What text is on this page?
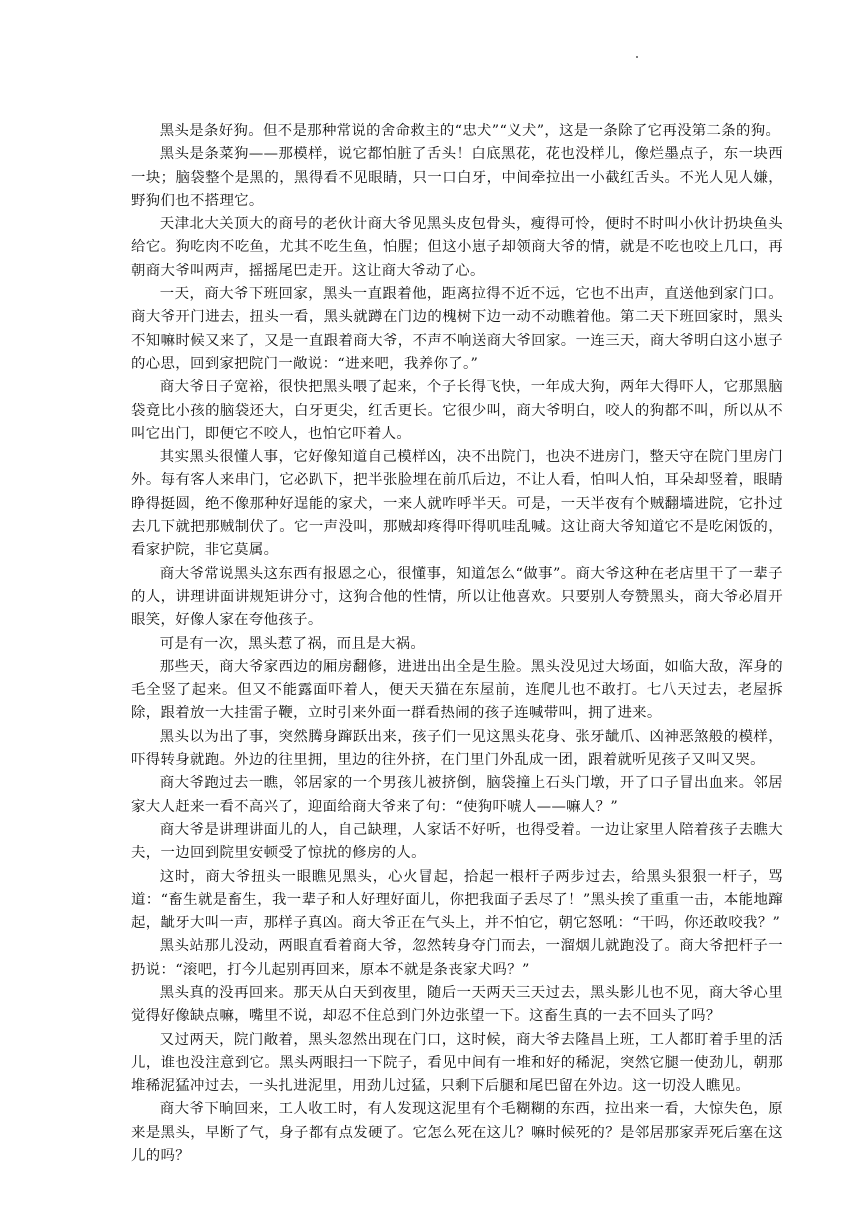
黑头是条好狗。但不是那种常说的舍命救主的“忠犬”“义犬”，这是一条除了它再没第二条的狗。

黑头是条菜狗——那模样，说它都怕脏了舌头！白底黑花，花也没样儿，像烂墨点子，东一块西一块；脑袋整个是黑的，黑得看不见眼睛，只一口白牙，中间牵拉出一小截红舌头。不光人见人嫌，野狗们也不搭理它。

天津北大关顶大的商号的老伙计商大爷见黑头皮包骨头，瘦得可怜，便时不时叫小伙计扔块鱼头给它。狗吃肉不吃鱼，尤其不吃生鱼，怕腥；但这小崽子却领商大爷的情，就是不吃也咬上几口，再朝商大爷叫两声，摇摇尾巴走开。这让商大爷动了心。

一天，商大爷下班回家，黑头一直跟着他，距离拉得不近不远，它也不出声，直送他到家门口。商大爷开门进去，扭头一看，黑头就蹲在门边的槐树下边一动不动瞧着他。第二天下班回家时，黑头不知嘛时候又来了，又是一直跟着商大爷，不声不响送商大爷回家。一连三天，商大爷明白这小崽子的心思，回到家把院门一敞说：“进来吧，我养你了。”

商大爷日子宽裕，很快把黑头喂了起来，个子长得飞快，一年成大狗，两年大得吓人，它那黑脑袋竟比小孩的脑袋还大，白牙更尖，红舌更长。它很少叫，商大爷明白，咬人的狗都不叫，所以从不叫它出门，即便它不咬人，也怕它吓着人。

其实黑头很懂人事，它好像知道自己模样凶，决不出院门，也决不进房门，整天守在院门里房门外。每有客人来串门，它必趴下，把半张脸埋在前爪后边，不让人看，怕叫人怕，耳朵却竖着，眼睛睁得挺圆，绝不像那种好逞能的家犬，一来人就咋呼半天。可是，一天半夜有个贼翻墙进院，它扑过去几下就把那贼制伏了。它一声没叫，那贼却疼得吓得叽哇乱喊。这让商大爷知道它不是吃闲饭的，看家护院，非它莫属。

商大爷常说黑头这东西有报恩之心，很懂事，知道怎么“做事”。商大爷这种在老店里干了一辈子的人，讲理讲面讲规矩讲分寸，这狗合他的性情，所以让他喜欢。只要别人夸赞黑头，商大爷必眉开眼笑，好像人家在夸他孩子。

可是有一次，黑头惹了祸，而且是大祸。

那些天，商大爷家西边的厢房翻修，进进出出全是生脸。黑头没见过大场面，如临大敌，浑身的毛全竖了起来。但又不能露面吓着人，便天天猫在东屋前，连爬儿也不敢打。七八天过去，老屋拆除，跟着放一大挂雷子鞭，立时引来外面一群看热闹的孩子连喊带叫，拥了进来。

黑头以为出了事，突然腾身蹿跃出来，孩子们一见这黑头花身、张牙龇爪、凶神恶煞般的模样，吓得转身就跑。外边的往里拥，里边的往外挤，在门里门外乱成一团，跟着就听见孩子又叫又哭。

商大爷跑过去一瞧，邻居家的一个男孩儿被挤倒，脑袋撞上石头门墩，开了口子冒出血来。邻居家大人赶来一看不高兴了，迎面给商大爷来了句：“使狗吓唬人——嘛人？”

商大爷是讲理讲面儿的人，自己缺理，人家话不好听，也得受着。一边让家里人陪着孩子去瞧大夫，一边回到院里安顿受了惊扰的修房的人。

这时，商大爷扭头一眼瞧见黑头，心火冒起，拾起一根杆子两步过去，给黑头狠狠一杆子，骂道：“畜生就是畜生，我一辈子和人好理好面儿，你把我面子丢尽了！”黑头挨了重重一击，本能地蹿起，龇牙大叫一声，那样子真凶。商大爷正在气头上，并不怕它，朝它怒吼：“干吗，你还敢咬我？”

黑头站那儿没动，两眼直看着商大爷，忽然转身夺门而去，一溜烟儿就跑没了。商大爷把杆子一扔说：“滚吧，打今儿起别再回来，原本不就是条丧家犬吗？”

黑头真的没再回来。那天从白天到夜里，随后一天两天三天过去，黑头影儿也不见，商大爷心里觉得好像缺点嘛，嘴里不说，却忍不住总到门外边张望一下。这畜生真的一去不回头了吗？

又过两天，院门敞着，黑头忽然出现在门口，这时候，商大爷去隆昌上班，工人都盯着手里的活儿，谁也没注意到它。黑头两眼扫一下院子，看见中间有一堆和好的稀泥，突然它腿一使劲儿，朝那堆稀泥猛冲过去，一头扎进泥里，用劲儿过猛，只剩下后腿和尾巴留在外边。这一切没人瞧见。

商大爷下晌回来，工人收工时，有人发现这泥里有个毛糊糊的东西，拉出来一看，大惊失色，原来是黑头，早断了气，身子都有点发硬了。它怎么死在这儿？嘛时候死的？是邻居那家弄死后塞在这儿的吗？
